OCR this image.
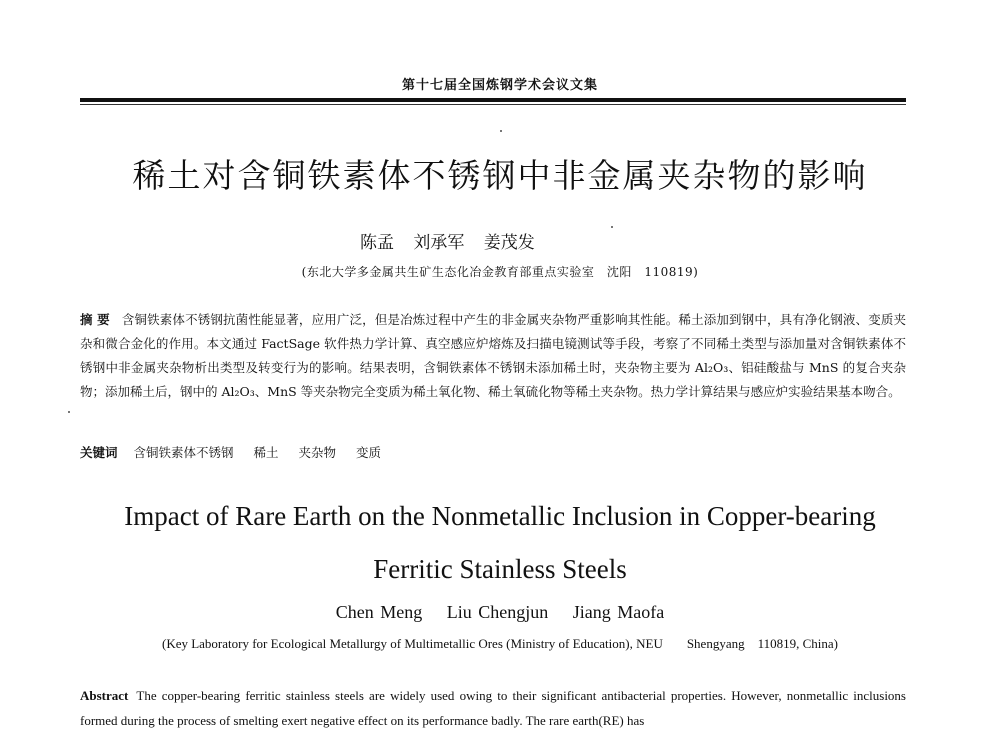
第十七届全国炼钢学术会议文集
稀土对含铜铁素体不锈钢中非金属夹杂物的影响
陈孟 刘承军 姜茂发
(东北大学多金属共生矿生态化冶金教育部重点实验室　沈阳　110819)
摘 要 含铜铁素体不锈钢抗菌性能显著，应用广泛，但是冶炼过程中产生的非金属夹杂物严重影响其性能。稀土添加到钢中，具有净化钢液、变质夹杂和微合金化的作用。本文通过 FactSage 软件热力学计算、真空感应炉熔炼及扫描电镜测试等手段，考察了不同稀土类型与添加量对含铜铁素体不锈钢中非金属夹杂物析出类型及转变行为的影响。结果表明，含铜铁素体不锈钢未添加稀土时，夹杂物主要为 Al₂O₃、铝硅酸盐与 MnS 的复合夹杂物；添加稀土后，钢中的 Al₂O₃、MnS 等夹杂物完全变质为稀土氧化物、稀土氧硫化物等稀土夹杂物。热力学计算结果与感应炉实验结果基本吻合。
关键词 含铜铁素体不锈钢 稀土 夹杂物 变质
Impact of Rare Earth on the Nonmetallic Inclusion in Copper-bearing
Ferritic Stainless Steels
Chen Meng Liu Chengjun Jiang Maofa
(Key Laboratory for Ecological Metallurgy of Multimetallic Ores (Ministry of Education), NEU Shengyang　110819, China)
Abstract The copper-bearing ferritic stainless steels are widely used owing to their significant antibacterial properties. However, nonmetallic inclusions formed during the process of smelting exert negative effect on its performance badly. The rare earth(RE) has
